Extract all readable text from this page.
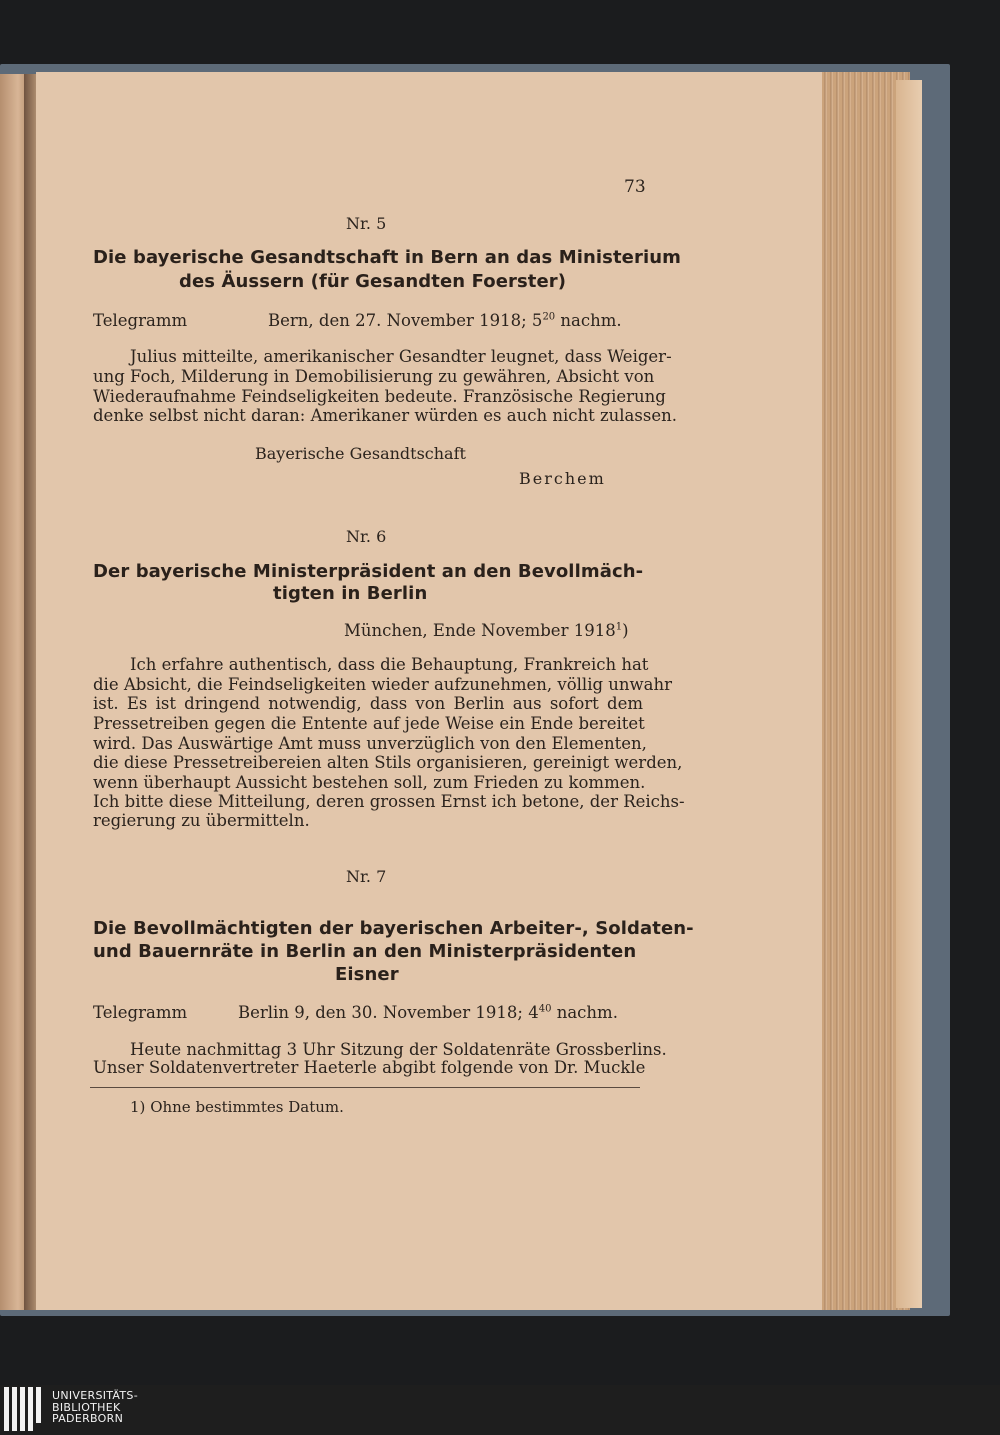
73
Nr. 5
Die bayerische Gesandtschaft in Bern an das Ministerium
des Äussern (für Gesandten Foerster)
Telegramm	Bern, den 27. November 1918; $5^{20}$ nachm.
Julius mitteilte, amerikanischer Gesandter leugnet, dass Weiger-
ung Foch, Milderung in Demobilisierung zu gewähren, Absicht von
Wiederaufnahme Feindseligkeiten bedeute. Französische Regierung
denke selbst nicht daran: Amerikaner würden es auch nicht zulassen.
Bayerische Gesandtschaft
Berchem
Nr. 6
Der bayerische Ministerpräsident an den Bevollmäch-
tigten in Berlin
München, Ende November 1918$^1$)
Ich erfahre authentisch, dass die Behauptung, Frankreich hat
die Absicht, die Feindseligkeiten wieder aufzunehmen, völlig unwahr
ist. Es ist dringend notwendig, dass von Berlin aus sofort dem
Pressetreiben gegen die Entente auf jede Weise ein Ende bereitet
wird. Das Auswärtige Amt muss unverzüglich von den Elementen,
die diese Pressetreibereien alten Stils organisieren, gereinigt werden,
wenn überhaupt Aussicht bestehen soll, zum Frieden zu kommen.
Ich bitte diese Mitteilung, deren grossen Ernst ich betone, der Reichs-
regierung zu übermitteln.
Nr. 7
Die Bevollmächtigten der bayerischen Arbeiter-, Soldaten-
und Bauernräte in Berlin an den Ministerpräsidenten
Eisner
Telegramm	Berlin 9, den 30. November 1918; $4^{40}$ nachm.
Heute nachmittag 3 Uhr Sitzung der Soldatenräte Grossberlins.
Unser Soldatenvertreter Haeterle abgibt folgende von Dr. Muckle
1) Ohne bestimmtes Datum.
UNIVERSITÄTS-
BIBLIOTHEK
PADERBORN
